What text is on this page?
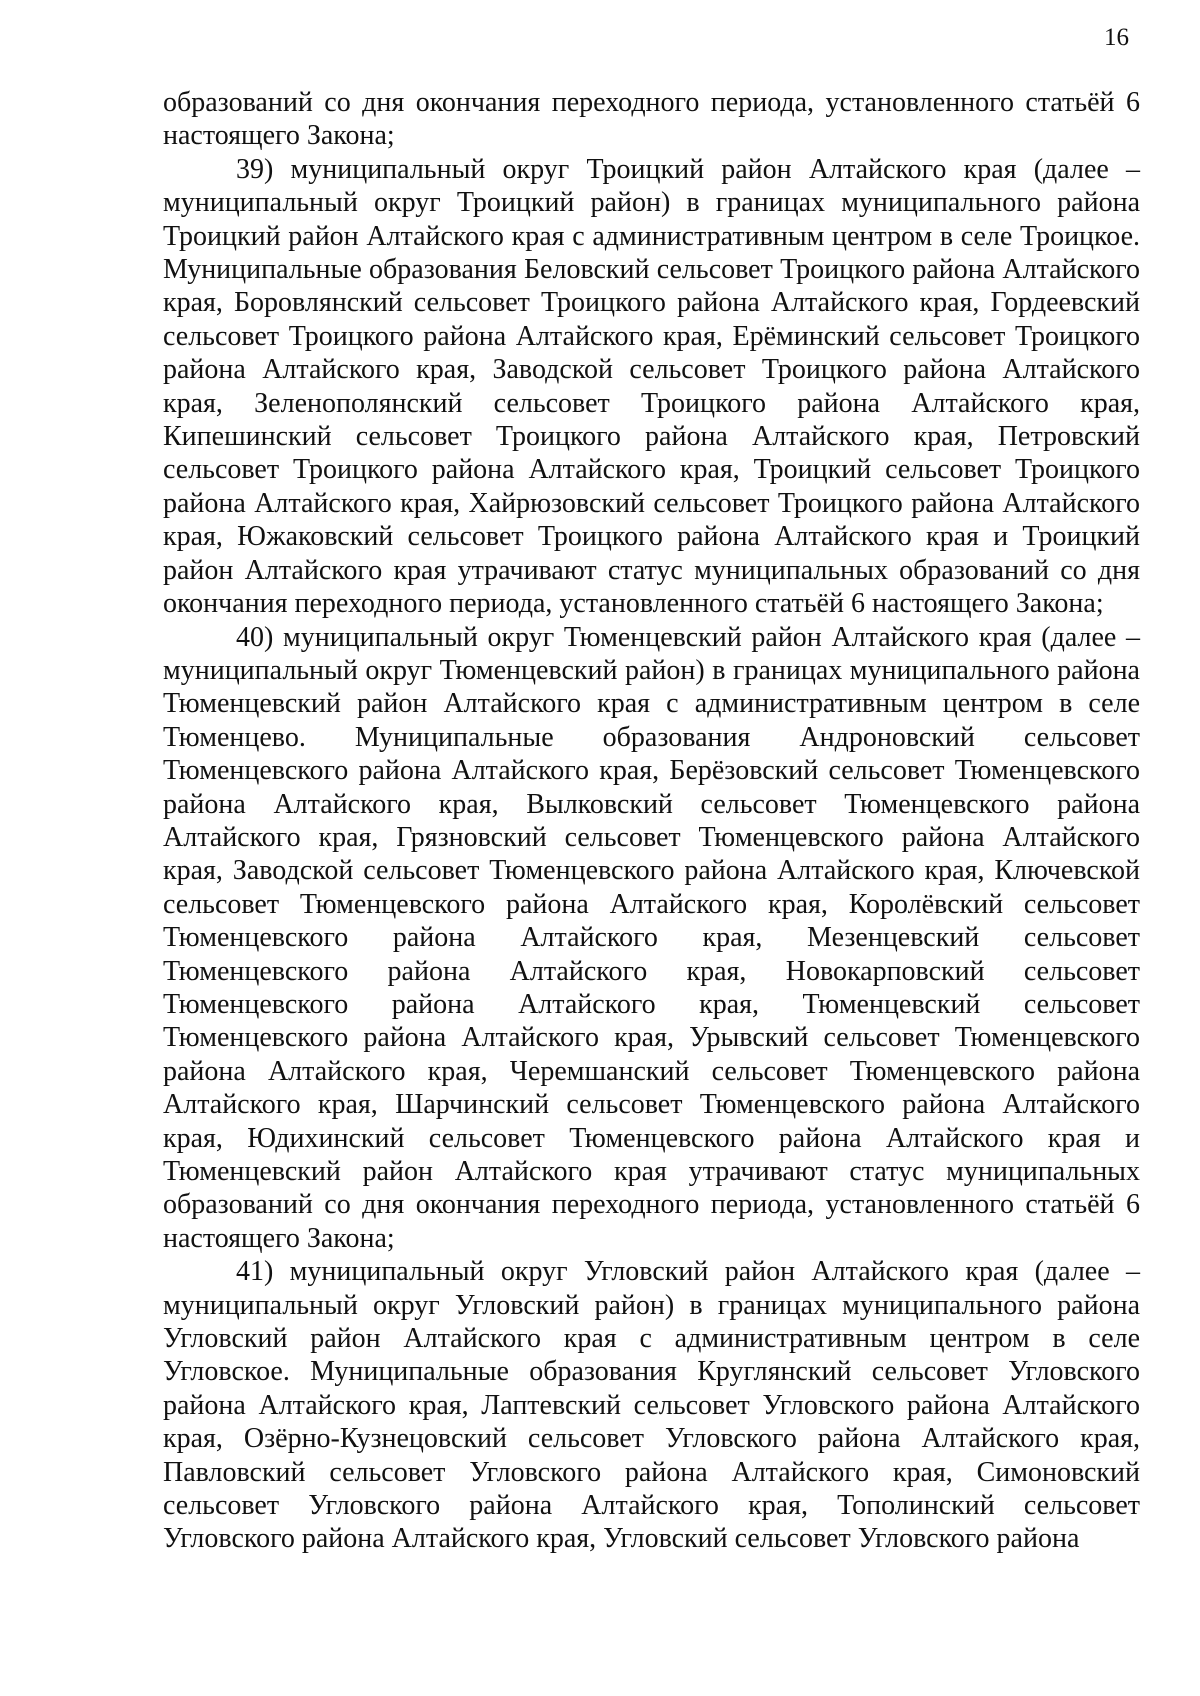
16

образований со дня окончания переходного периода, установленного статьёй 6 настоящего Закона;

39) муниципальный округ Троицкий район Алтайского края (далее – муниципальный округ Троицкий район) в границах муниципального района Троицкий район Алтайского края с административным центром в селе Троицкое. Муниципальные образования Беловский сельсовет Троицкого района Алтайского края, Боровлянский сельсовет Троицкого района Алтайского края, Гордеевский сельсовет Троицкого района Алтайского края, Ерёминский сельсовет Троицкого района Алтайского края, Заводской сельсовет Троицкого района Алтайского края, Зеленополянский сельсовет Троицкого района Алтайского края, Кипешинский сельсовет Троицкого района Алтайского края, Петровский сельсовет Троицкого района Алтайского края, Троицкий сельсовет Троицкого района Алтайского края, Хайрюзовский сельсовет Троицкого района Алтайского края, Южаковский сельсовет Троицкого района Алтайского края и Троицкий район Алтайского края утрачивают статус муниципальных образований со дня окончания переходного периода, установленного статьёй 6 настоящего Закона;

40) муниципальный округ Тюменцевский район Алтайского края (далее – муниципальный округ Тюменцевский район) в границах муниципального района Тюменцевский район Алтайского края с административным центром в селе Тюменцево. Муниципальные образования Андроновский сельсовет Тюменцевского района Алтайского края, Берёзовский сельсовет Тюменцевского района Алтайского края, Вылковский сельсовет Тюменцевского района Алтайского края, Грязновский сельсовет Тюменцевского района Алтайского края, Заводской сельсовет Тюменцевского района Алтайского края, Ключевской сельсовет Тюменцевского района Алтайского края, Королёвский сельсовет Тюменцевского района Алтайского края, Мезенцевский сельсовет Тюменцевского района Алтайского края, Новокарповский сельсовет Тюменцевского района Алтайского края, Тюменцевский сельсовет Тюменцевского района Алтайского края, Урывский сельсовет Тюменцевского района Алтайского края, Черемшанский сельсовет Тюменцевского района Алтайского края, Шарчинский сельсовет Тюменцевского района Алтайского края, Юдихинский сельсовет Тюменцевского района Алтайского края и Тюменцевский район Алтайского края утрачивают статус муниципальных образований со дня окончания переходного периода, установленного статьёй 6 настоящего Закона;

41) муниципальный округ Угловский район Алтайского края (далее – муниципальный округ Угловский район) в границах муниципального района Угловский район Алтайского края с административным центром в селе Угловское. Муниципальные образования Круглянский сельсовет Угловского района Алтайского края, Лаптевский сельсовет Угловского района Алтайского края, Озёрно-Кузнецовский сельсовет Угловского района Алтайского края, Павловский сельсовет Угловского района Алтайского края, Симоновский сельсовет Угловского района Алтайского края, Тополинский сельсовет Угловского района Алтайского края, Угловский сельсовет Угловского района
